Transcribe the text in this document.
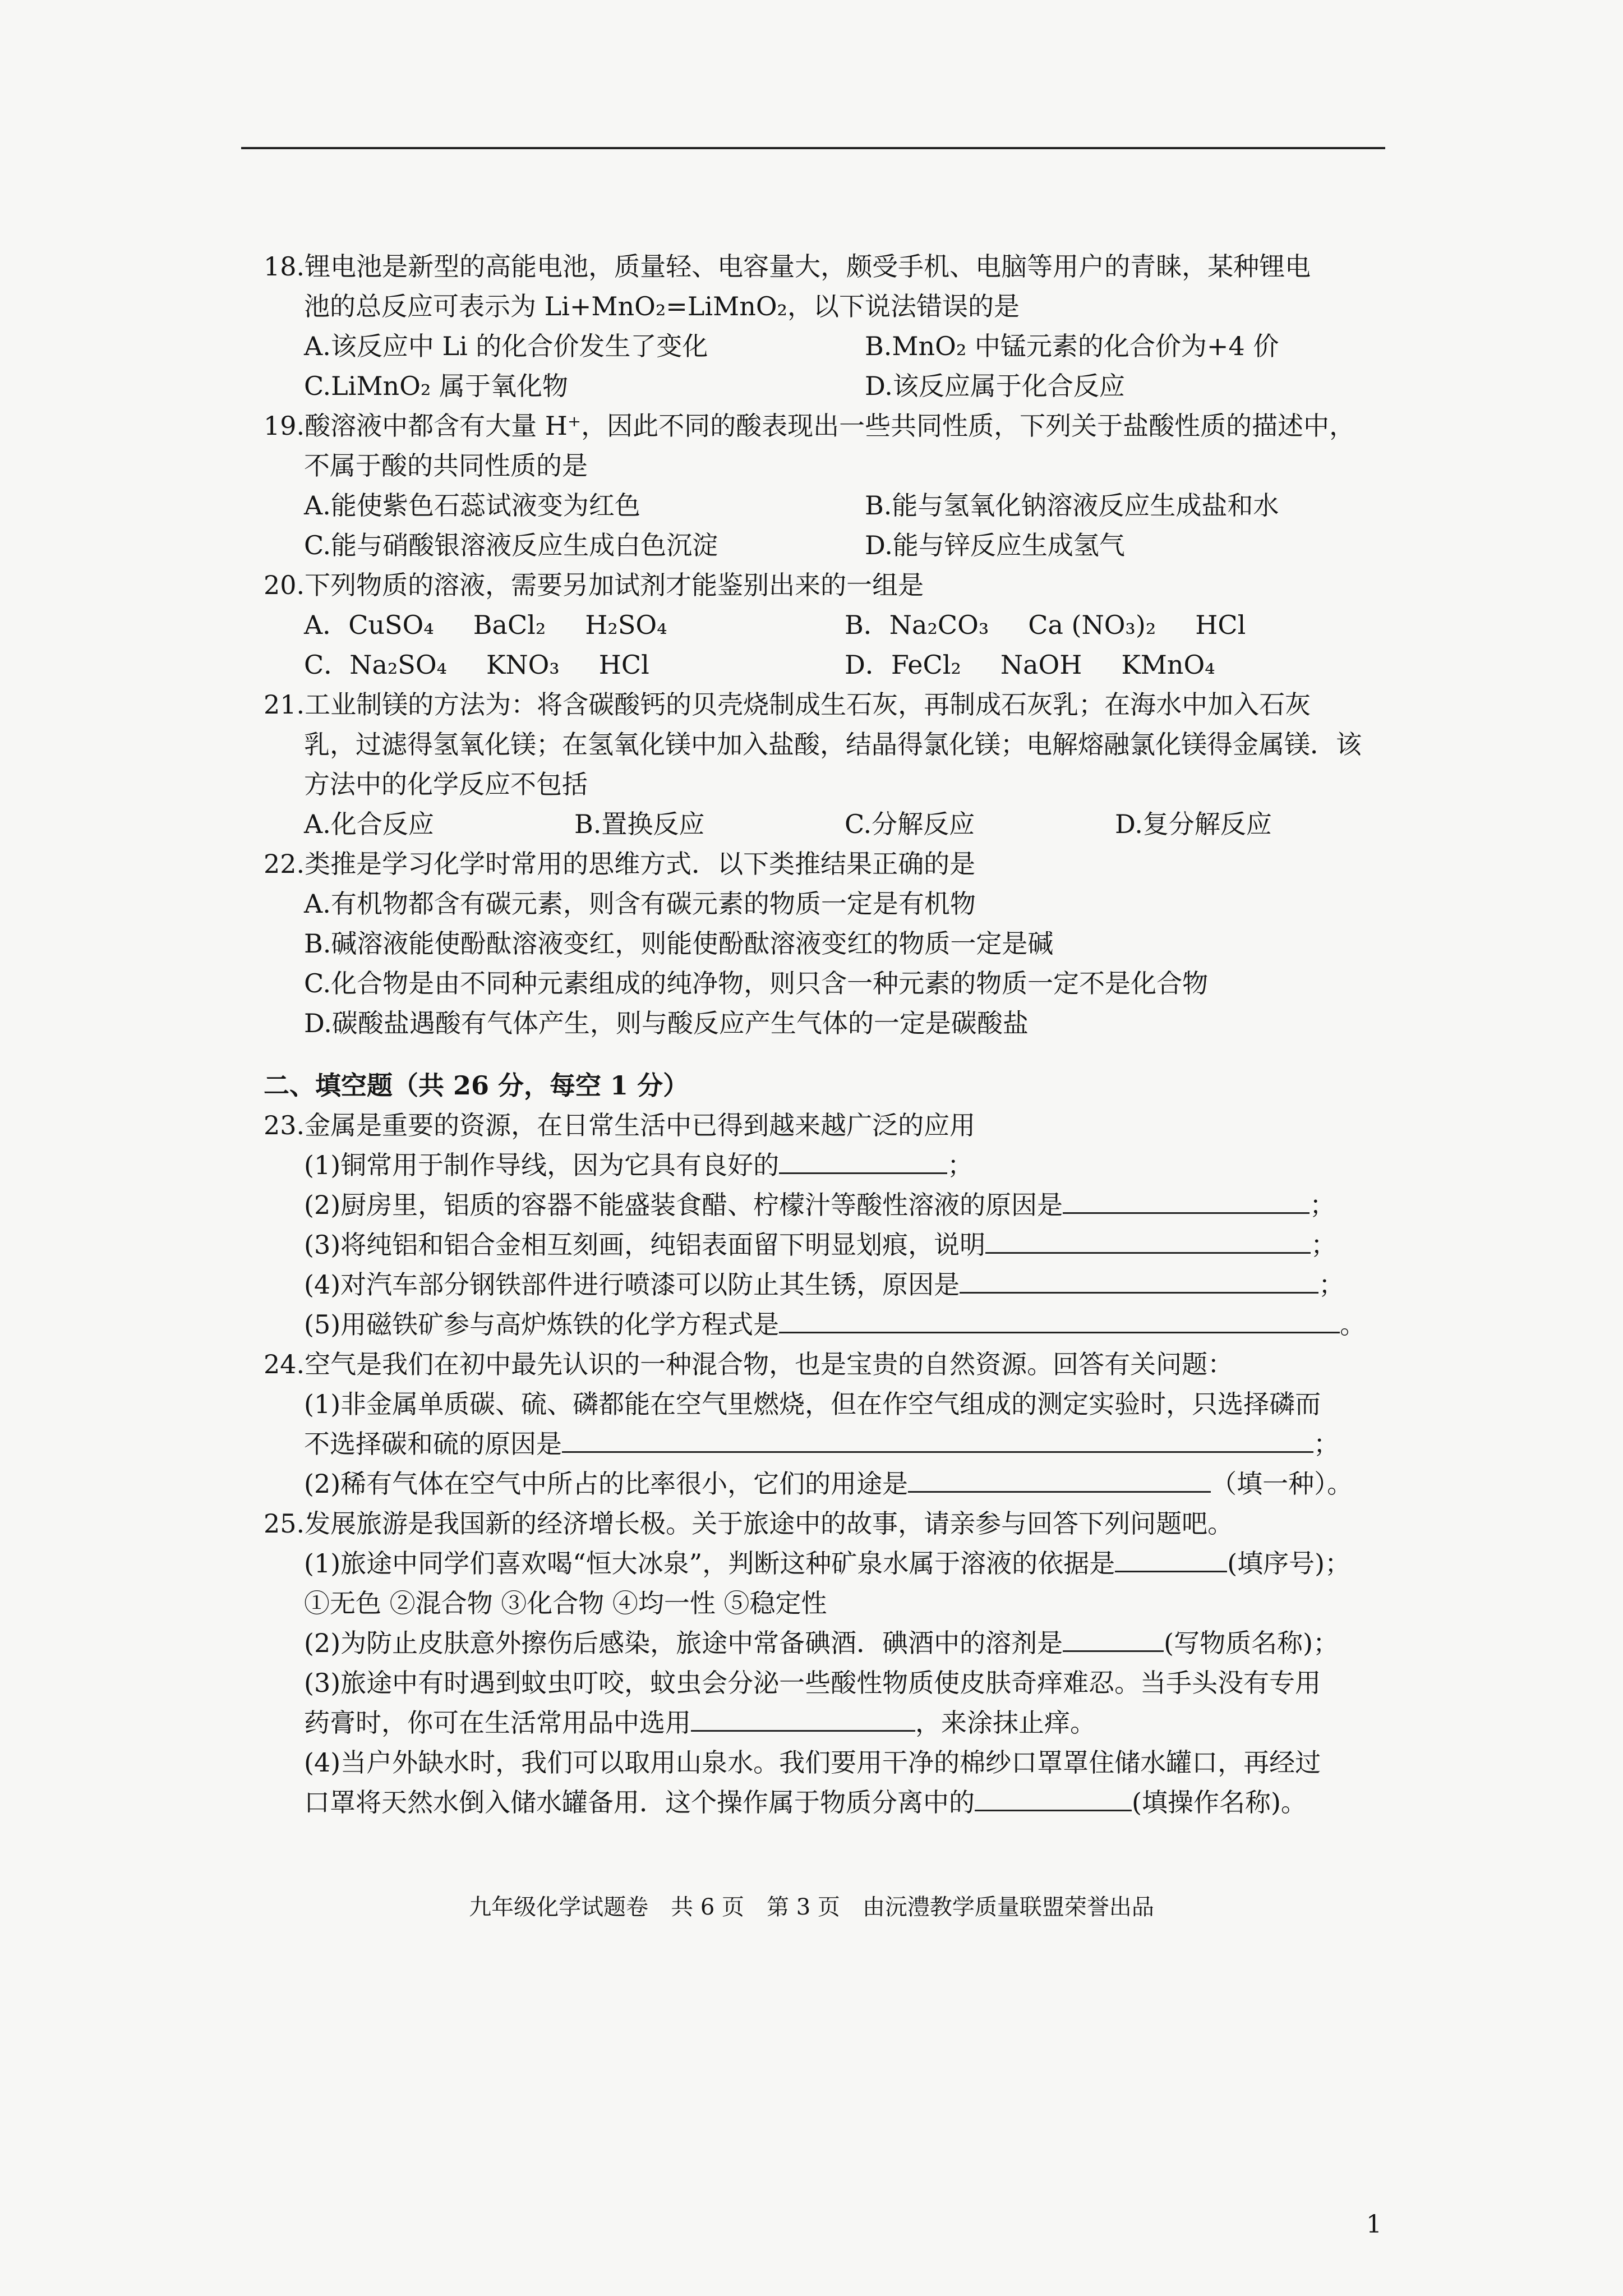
18.锂电池是新型的高能电池，质量轻、电容量大，颇受手机、电脑等用户的青睐，某种锂电
池的总反应可表示为 Li+MnO₂=LiMnO₂，以下说法错误的是
A.该反应中 Li 的化合价发生了变化	B.MnO₂ 中锰元素的化合价为+4 价
C.LiMnO₂ 属于氧化物	D.该反应属于化合反应
19.酸溶液中都含有大量 H⁺，因此不同的酸表现出一些共同性质，下列关于盐酸性质的描述中，
不属于酸的共同性质的是
A.能使紫色石蕊试液变为红色	B.能与氢氧化钠溶液反应生成盐和水
C.能与硝酸银溶液反应生成白色沉淀	D.能与锌反应生成氢气
20.下列物质的溶液，需要另加试剂才能鉴别出来的一组是
A．CuSO₄ BaCl₂ H₂SO₄	B．Na₂CO₃ Ca (NO₃)₂ HCl
C．Na₂SO₄ KNO₃ HCl	D．FeCl₂ NaOH KMnO₄
21.工业制镁的方法为：将含碳酸钙的贝壳烧制成生石灰，再制成石灰乳；在海水中加入石灰
乳，过滤得氢氧化镁；在氢氧化镁中加入盐酸，结晶得氯化镁；电解熔融氯化镁得金属镁．该
方法中的化学反应不包括
A.化合反应	B.置换反应	C.分解反应	D.复分解反应
22.类推是学习化学时常用的思维方式．以下类推结果正确的是
A.有机物都含有碳元素，则含有碳元素的物质一定是有机物
B.碱溶液能使酚酞溶液变红，则能使酚酞溶液变红的物质一定是碱
C.化合物是由不同种元素组成的纯净物，则只含一种元素的物质一定不是化合物
D.碳酸盐遇酸有气体产生，则与酸反应产生气体的一定是碳酸盐
二、填空题（共 26 分，每空 1 分）
23.金属是重要的资源，在日常生活中已得到越来越广泛的应用
(1)铜常用于制作导线，因为它具有良好的	；
(2)厨房里，铝质的容器不能盛装食醋、柠檬汁等酸性溶液的原因是	；
(3)将纯铝和铝合金相互刻画，纯铝表面留下明显划痕，说明	；
(4)对汽车部分钢铁部件进行喷漆可以防止其生锈，原因是	；
(5)用磁铁矿参与高炉炼铁的化学方程式是	。
24.空气是我们在初中最先认识的一种混合物，也是宝贵的自然资源。回答有关问题：
(1)非金属单质碳、硫、磷都能在空气里燃烧，但在作空气组成的测定实验时，只选择磷而
不选择碳和硫的原因是	；
(2)稀有气体在空气中所占的比率很小，它们的用途是	（填一种）。
25.发展旅游是我国新的经济增长极。关于旅途中的故事，请亲参与回答下列问题吧。
(1)旅途中同学们喜欢喝“恒大冰泉”，判断这种矿泉水属于溶液的依据是	(填序号)；
①无色 ②混合物 ③化合物 ④均一性 ⑤稳定性
(2)为防止皮肤意外擦伤后感染，旅途中常备碘酒．碘酒中的溶剂是	(写物质名称)；
(3)旅途中有时遇到蚊虫叮咬，蚊虫会分泌一些酸性物质使皮肤奇痒难忍。当手头没有专用
药膏时，你可在生活常用品中选用	，来涂抹止痒。
(4)当户外缺水时，我们可以取用山泉水。我们要用干净的棉纱口罩罩住储水罐口，再经过
口罩将天然水倒入储水罐备用．这个操作属于物质分离中的	(填操作名称)。
九年级化学试题卷　共 6 页　第 3 页　由沅澧教学质量联盟荣誉出品
1
